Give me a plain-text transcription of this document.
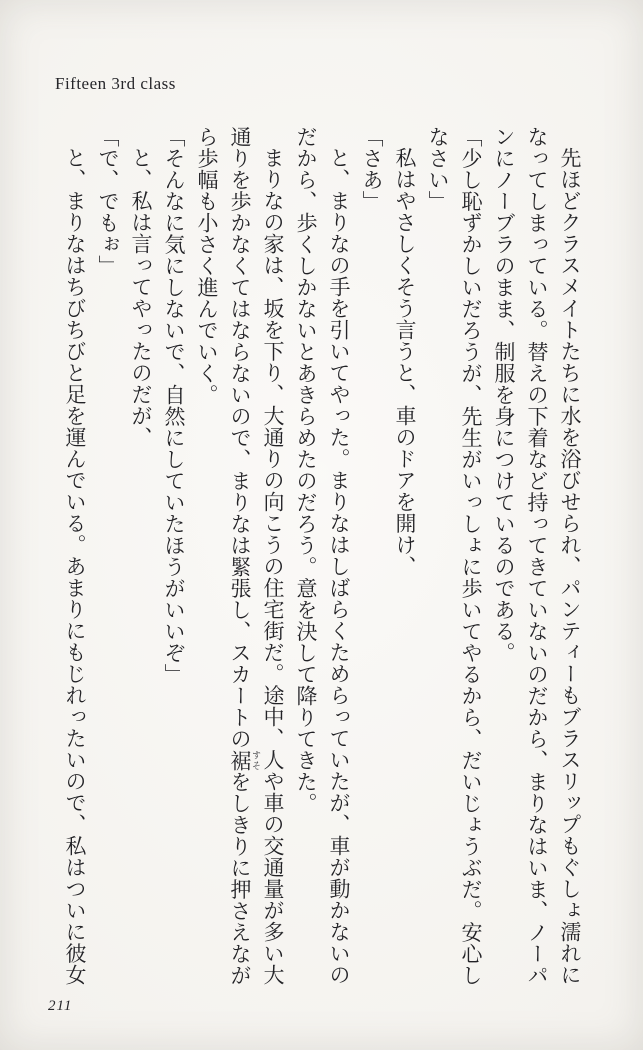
Fifteen 3rd class

先ほどクラスメイトたちに水を浴びせられ、パンティーもブラスリップもぐしょ濡れになってしまっている。替えの下着など持ってきていないのだから、まりなはいま、ノーパンにノーブラのまま、制服を身につけているのである。

「少し恥ずかしいだろうが、先生がいっしょに歩いてやるから、だいじょうぶだ。安心しなさい」

私はやさしくそう言うと、車のドアを開け、

「さあ」

と、まりなの手を引いてやった。まりなはしばらくためらっていたが、車が動かないのだから、歩くしかないとあきらめたのだろう。意を決して降りてきた。

まりなの家は、坂を下り、大通りの向こうの住宅街だ。途中、人や車の交通量が多い大通りを歩かなくてはならないので、まりなは緊張し、スカートの裾 すそをしきりに押さえながら歩幅も小さく進んでいく。

「そんなに気にしないで、自然にしていたほうがいいぞ」

と、私は言ってやったのだが、

「で、でもぉ」

と、まりなはちびちびと足を運んでいる。あまりにもじれったいので、私はついに彼女

211
